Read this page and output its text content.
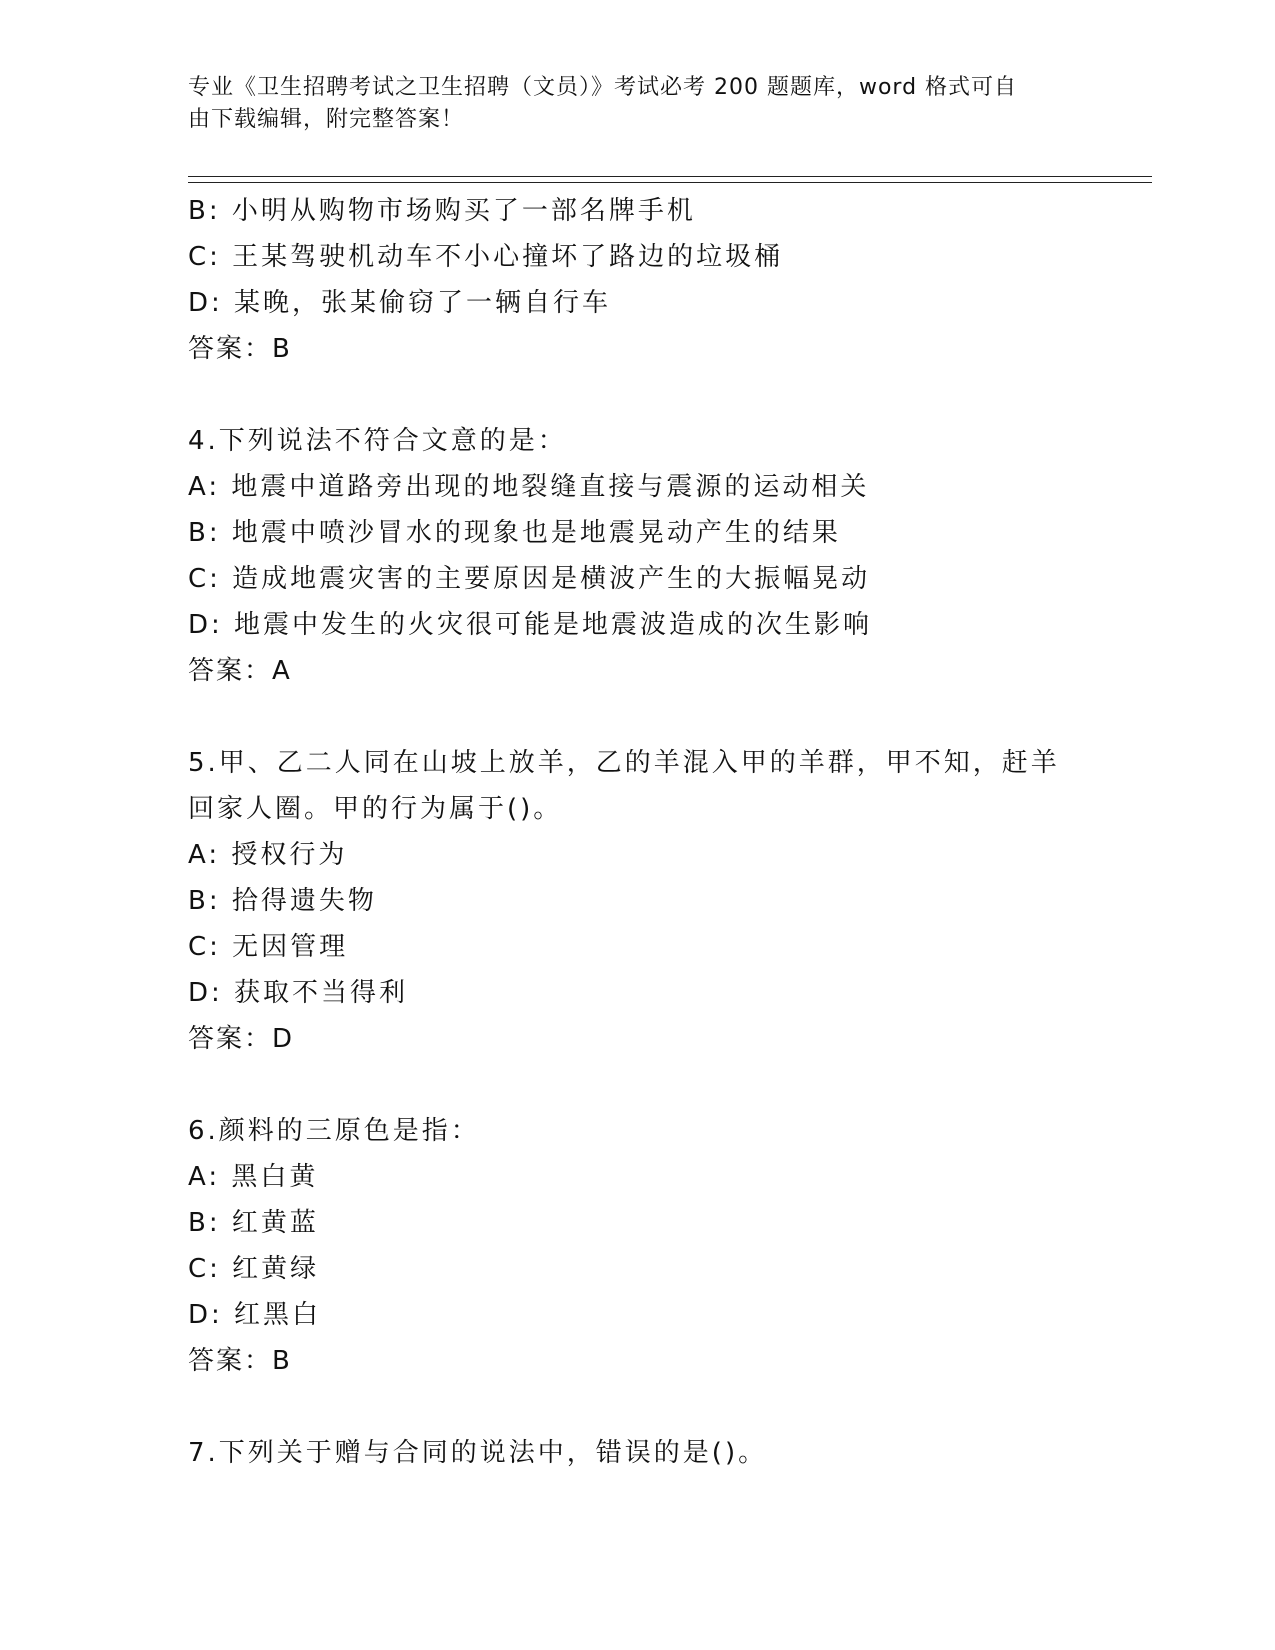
专业《卫生招聘考试之卫生招聘（文员）》考试必考 200 题题库，word 格式可自
由下载编辑，附完整答案！
B: 小明从购物市场购买了一部名牌手机
C: 王某驾驶机动车不小心撞坏了路边的垃圾桶
D: 某晚，张某偷窃了一辆自行车
答案：B
4.下列说法不符合文意的是：
A: 地震中道路旁出现的地裂缝直接与震源的运动相关
B: 地震中喷沙冒水的现象也是地震晃动产生的结果
C: 造成地震灾害的主要原因是横波产生的大振幅晃动
D: 地震中发生的火灾很可能是地震波造成的次生影响
答案：A
5.甲、乙二人同在山坡上放羊，乙的羊混入甲的羊群，甲不知，赶羊
回家人圈。甲的行为属于()。
A: 授权行为
B: 拾得遗失物
C: 无因管理
D: 获取不当得利
答案：D
6.颜料的三原色是指：
A: 黑白黄
B: 红黄蓝
C: 红黄绿
D: 红黑白
答案：B
7.下列关于赠与合同的说法中，错误的是()。
